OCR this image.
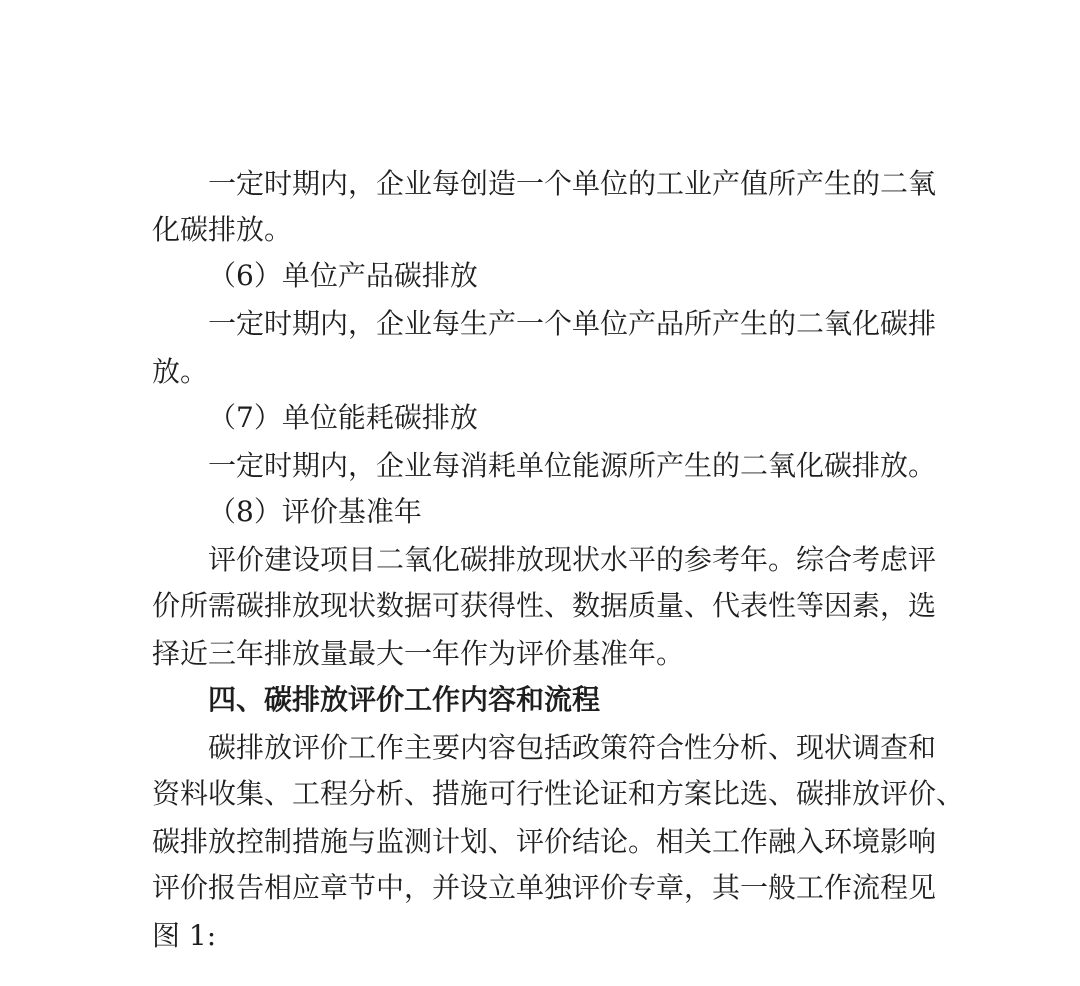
一定时期内，企业每创造一个单位的工业产值所产生的二氧
化碳排放。
（6）单位产品碳排放
一定时期内，企业每生产一个单位产品所产生的二氧化碳排
放。
（7）单位能耗碳排放
一定时期内，企业每消耗单位能源所产生的二氧化碳排放。
（8）评价基准年
评价建设项目二氧化碳排放现状水平的参考年。综合考虑评
价所需碳排放现状数据可获得性、数据质量、代表性等因素，选
择近三年排放量最大一年作为评价基准年。
四、碳排放评价工作内容和流程
碳排放评价工作主要内容包括政策符合性分析、现状调查和
资料收集、工程分析、措施可行性论证和方案比选、碳排放评价、
碳排放控制措施与监测计划、评价结论。相关工作融入环境影响
评价报告相应章节中，并设立单独评价专章，其一般工作流程见
图 1:
